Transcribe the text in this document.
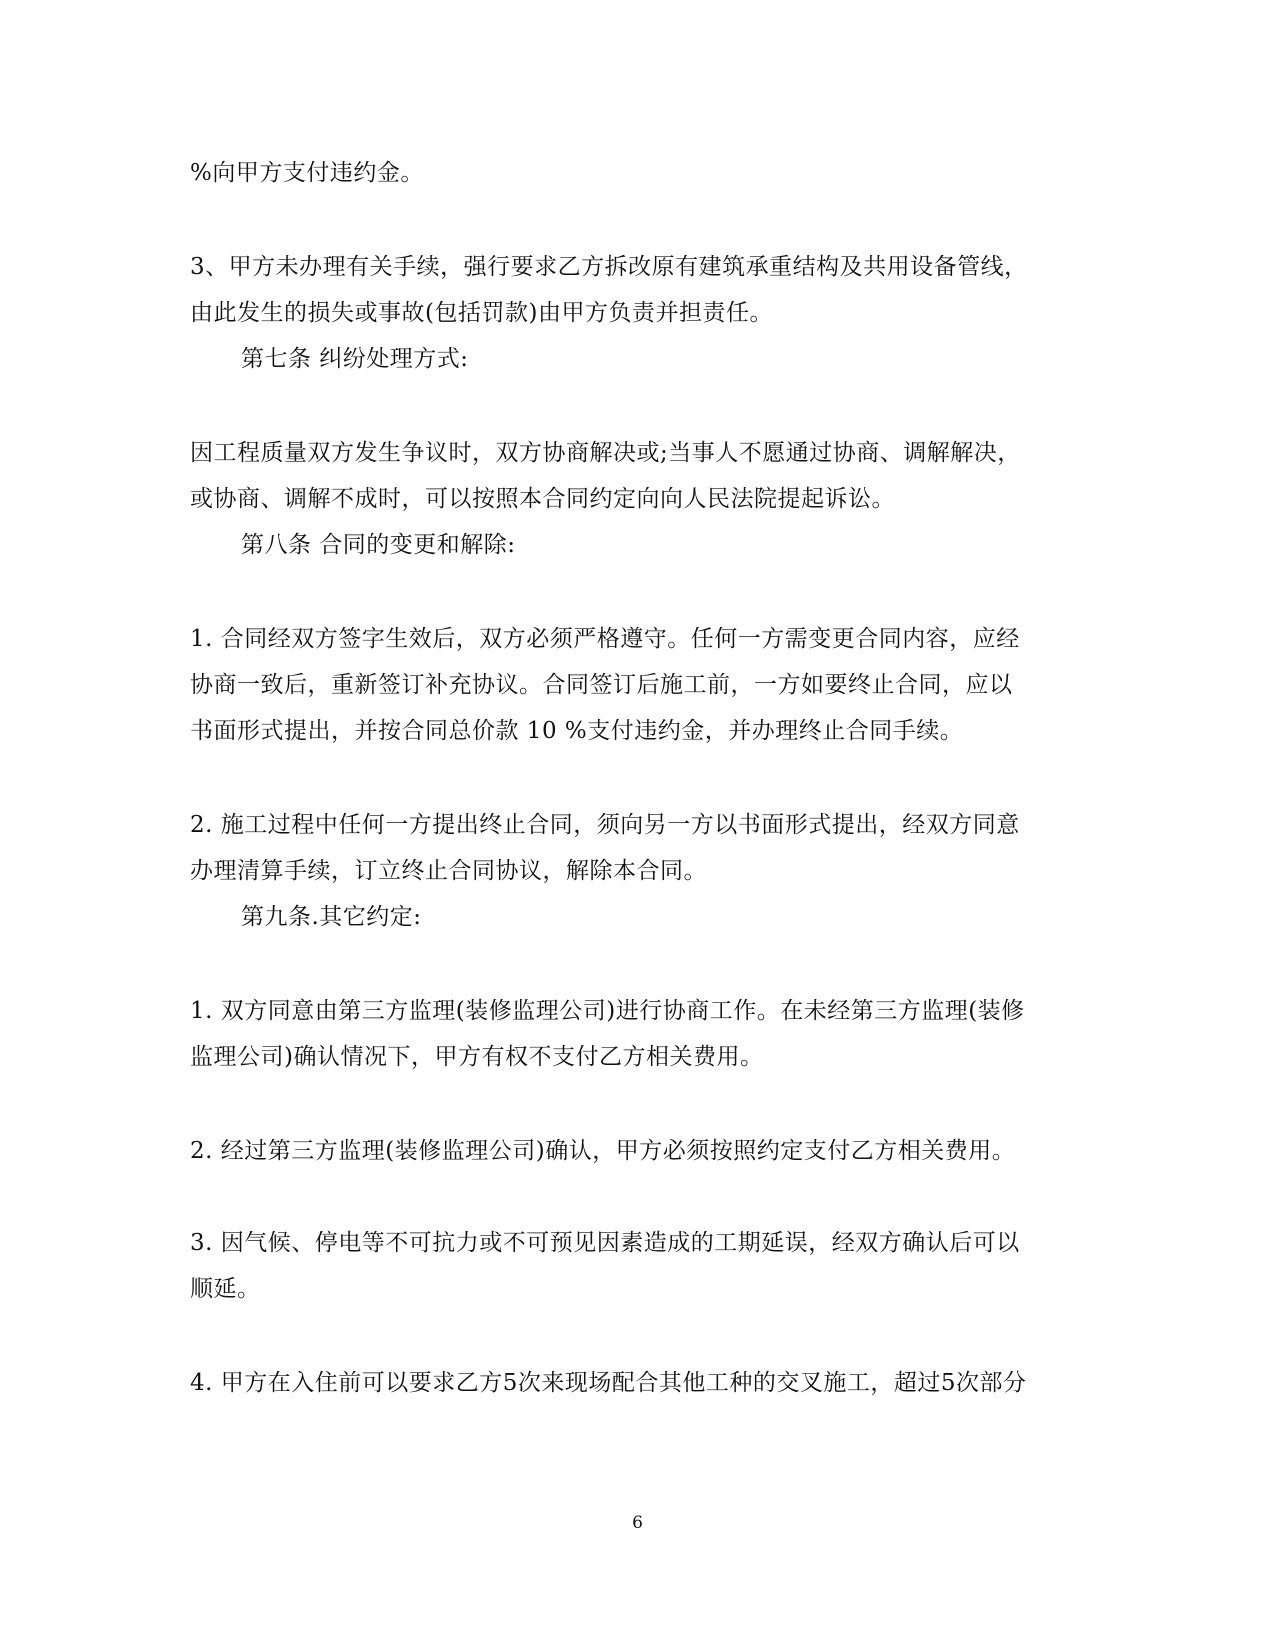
%向甲方支付违约金。
3、甲方未办理有关手续，强行要求乙方拆改原有建筑承重结构及共用设备管线，
由此发生的损失或事故(包括罚款)由甲方负责并担责任。
第七条 纠纷处理方式:
因工程质量双方发生争议时，双方协商解决或;当事人不愿通过协商、调解解决，
或协商、调解不成时，可以按照本合同约定向向人民法院提起诉讼。
第八条 合同的变更和解除:
1. 合同经双方签字生效后，双方必须严格遵守。任何一方需变更合同内容，应经
协商一致后，重新签订补充协议。合同签订后施工前，一方如要终止合同，应以
书面形式提出，并按合同总价款 10 %支付违约金，并办理终止合同手续。
2. 施工过程中任何一方提出终止合同，须向另一方以书面形式提出，经双方同意
办理清算手续，订立终止合同协议，解除本合同。
第九条.其它约定:
1. 双方同意由第三方监理(装修监理公司)进行协商工作。在未经第三方监理(装修
监理公司)确认情况下，甲方有权不支付乙方相关费用。
2. 经过第三方监理(装修监理公司)确认，甲方必须按照约定支付乙方相关费用。
3. 因气候、停电等不可抗力或不可预见因素造成的工期延误，经双方确认后可以
顺延。
4. 甲方在入住前可以要求乙方5次来现场配合其他工种的交叉施工，超过5次部分
6
